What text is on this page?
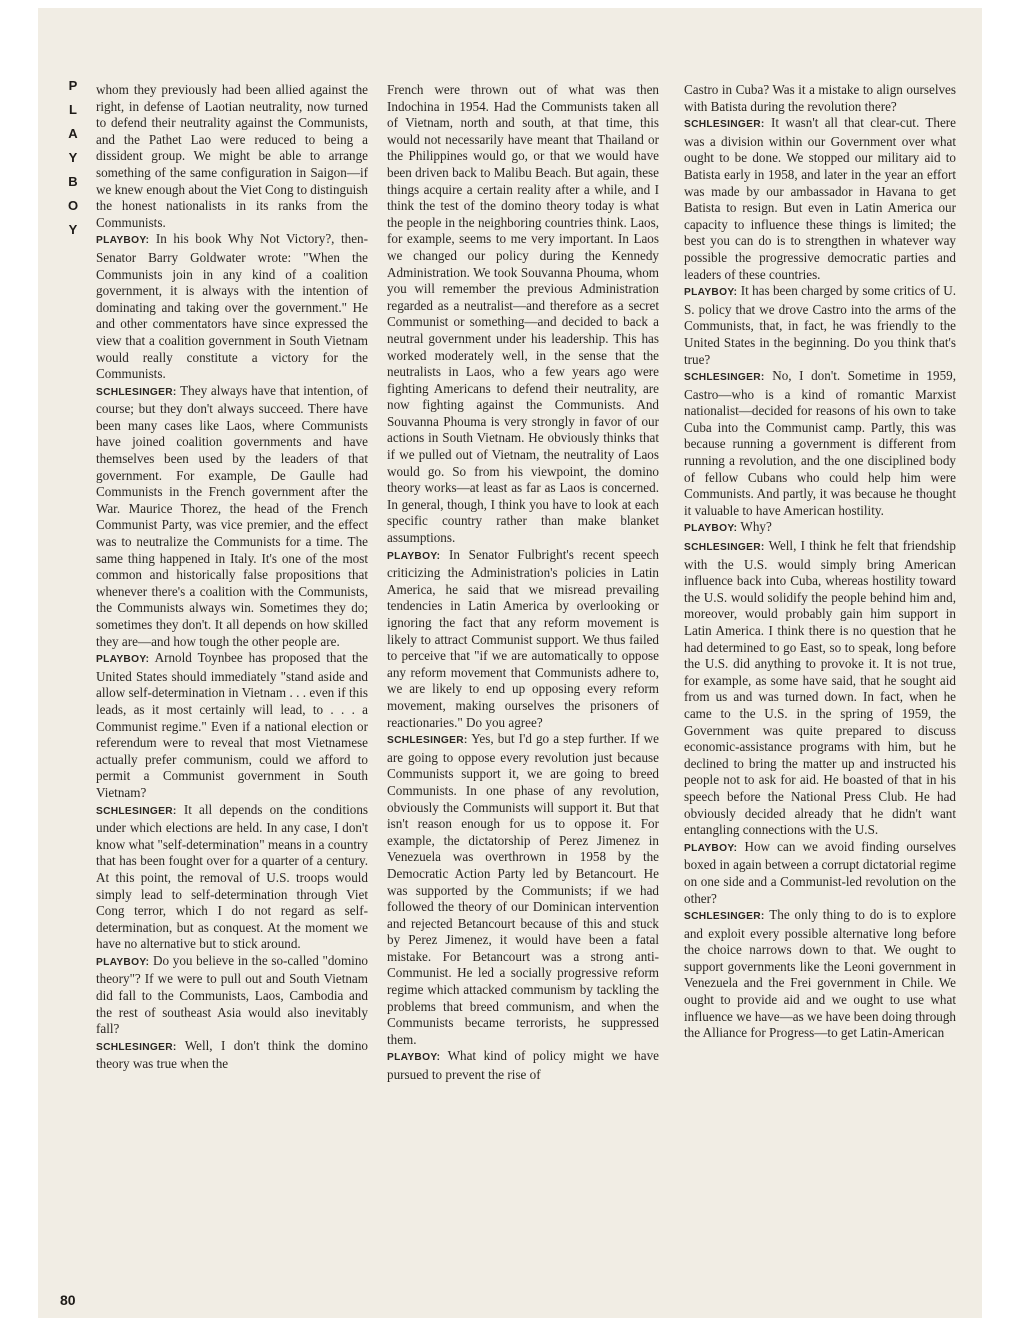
P
L
A
Y
B
O
Y
80

whom they previously had been allied against the right, in defense of Laotian neutrality, now turned to defend their neutrality against the Communists, and the Pathet Lao were reduced to being a dissident group. We might be able to arrange something of the same configuration in Saigon—if we knew enough about the Viet Cong to distinguish the honest nationalists in its ranks from the Communists.

PLAYBOY: In his book Why Not Victory?, then-Senator Barry Goldwater wrote: "When the Communists join in any kind of a coalition government, it is always with the intention of dominating and taking over the government." He and other commentators have since expressed the view that a coalition government in South Vietnam would really constitute a victory for the Communists.

SCHLESINGER: They always have that intention, of course; but they don't always succeed. There have been many cases like Laos, where Communists have joined coalition governments and have themselves been used by the leaders of that government. For example, De Gaulle had Communists in the French government after the War. Maurice Thorez, the head of the French Communist Party, was vice premier, and the effect was to neutralize the Communists for a time. The same thing happened in Italy. It's one of the most common and historically false propositions that whenever there's a coalition with the Communists, the Communists always win. Sometimes they do; sometimes they don't. It all depends on how skilled they are—and how tough the other people are.

PLAYBOY: Arnold Toynbee has proposed that the United States should immediately "stand aside and allow self-determination in Vietnam . . . even if this leads, as it most certainly will lead, to . . . a Communist regime." Even if a national election or referendum were to reveal that most Vietnamese actually prefer communism, could we afford to permit a Communist government in South Vietnam?

SCHLESINGER: It all depends on the conditions under which elections are held. In any case, I don't know what "self-determination" means in a country that has been fought over for a quarter of a century. At this point, the removal of U.S. troops would simply lead to self-determination through Viet Cong terror, which I do not regard as self-determination, but as conquest. At the moment we have no alternative but to stick around.

PLAYBOY: Do you believe in the so-called "domino theory"? If we were to pull out and South Vietnam did fall to the Communists, Laos, Cambodia and the rest of southeast Asia would also inevitably fall?

SCHLESINGER: Well, I don't think the domino theory was true when the

French were thrown out of what was then Indochina in 1954. Had the Communists taken all of Vietnam, north and south, at that time, this would not necessarily have meant that Thailand or the Philippines would go, or that we would have been driven back to Malibu Beach. But again, these things acquire a certain reality after a while, and I think the test of the domino theory today is what the people in the neighboring countries think. Laos, for example, seems to me very important. In Laos we changed our policy during the Kennedy Administration. We took Souvanna Phouma, whom you will remember the previous Administration regarded as a neutralist—and therefore as a secret Communist or something—and decided to back a neutral government under his leadership. This has worked moderately well, in the sense that the neutralists in Laos, who a few years ago were fighting Americans to defend their neutrality, are now fighting against the Communists. And Souvanna Phouma is very strongly in favor of our actions in South Vietnam. He obviously thinks that if we pulled out of Vietnam, the neutrality of Laos would go. So from his viewpoint, the domino theory works—at least as far as Laos is concerned. In general, though, I think you have to look at each specific country rather than make blanket assumptions.

PLAYBOY: In Senator Fulbright's recent speech criticizing the Administration's policies in Latin America, he said that we misread prevailing tendencies in Latin America by overlooking or ignoring the fact that any reform movement is likely to attract Communist support. We thus failed to perceive that "if we are automatically to oppose any reform movement that Communists adhere to, we are likely to end up opposing every reform movement, making ourselves the prisoners of reactionaries." Do you agree?

SCHLESINGER: Yes, but I'd go a step further. If we are going to oppose every revolution just because Communists support it, we are going to breed Communists. In one phase of any revolution, obviously the Communists will support it. But that isn't reason enough for us to oppose it. For example, the dictatorship of Perez Jimenez in Venezuela was overthrown in 1958 by the Democratic Action Party led by Betancourt. He was supported by the Communists; if we had followed the theory of our Dominican intervention and rejected Betancourt because of this and stuck by Perez Jimenez, it would have been a fatal mistake. For Betancourt was a strong anti-Communist. He led a socially progressive reform regime which attacked communism by tackling the problems that breed communism, and when the Communists became terrorists, he suppressed them.

PLAYBOY: What kind of policy might we have pursued to prevent the rise of

Castro in Cuba? Was it a mistake to align ourselves with Batista during the revolution there?

SCHLESINGER: It wasn't all that clear-cut. There was a division within our Government over what ought to be done. We stopped our military aid to Batista early in 1958, and later in the year an effort was made by our ambassador in Havana to get Batista to resign. But even in Latin America our capacity to influence these things is limited; the best you can do is to strengthen in whatever way possible the progressive democratic parties and leaders of these countries.

PLAYBOY: It has been charged by some critics of U. S. policy that we drove Castro into the arms of the Communists, that, in fact, he was friendly to the United States in the beginning. Do you think that's true?

SCHLESINGER: No, I don't. Sometime in 1959, Castro—who is a kind of romantic Marxist nationalist—decided for reasons of his own to take Cuba into the Communist camp. Partly, this was because running a government is different from running a revolution, and the one disciplined body of fellow Cubans who could help him were Communists. And partly, it was because he thought it valuable to have American hostility.

PLAYBOY: Why?

SCHLESINGER: Well, I think he felt that friendship with the U.S. would simply bring American influence back into Cuba, whereas hostility toward the U.S. would solidify the people behind him and, moreover, would probably gain him support in Latin America. I think there is no question that he had determined to go East, so to speak, long before the U.S. did anything to provoke it. It is not true, for example, as some have said, that he sought aid from us and was turned down. In fact, when he came to the U.S. in the spring of 1959, the Government was quite prepared to discuss economic-assistance programs with him, but he declined to bring the matter up and instructed his people not to ask for aid. He boasted of that in his speech before the National Press Club. He had obviously decided already that he didn't want entangling connections with the U.S.

PLAYBOY: How can we avoid finding ourselves boxed in again between a corrupt dictatorial regime on one side and a Communist-led revolution on the other?

SCHLESINGER: The only thing to do is to explore and exploit every possible alternative long before the choice narrows down to that. We ought to support governments like the Leoni government in Venezuela and the Frei government in Chile. We ought to provide aid and we ought to use what influence we have—as we have been doing through the Alliance for Progress—to get Latin-American
